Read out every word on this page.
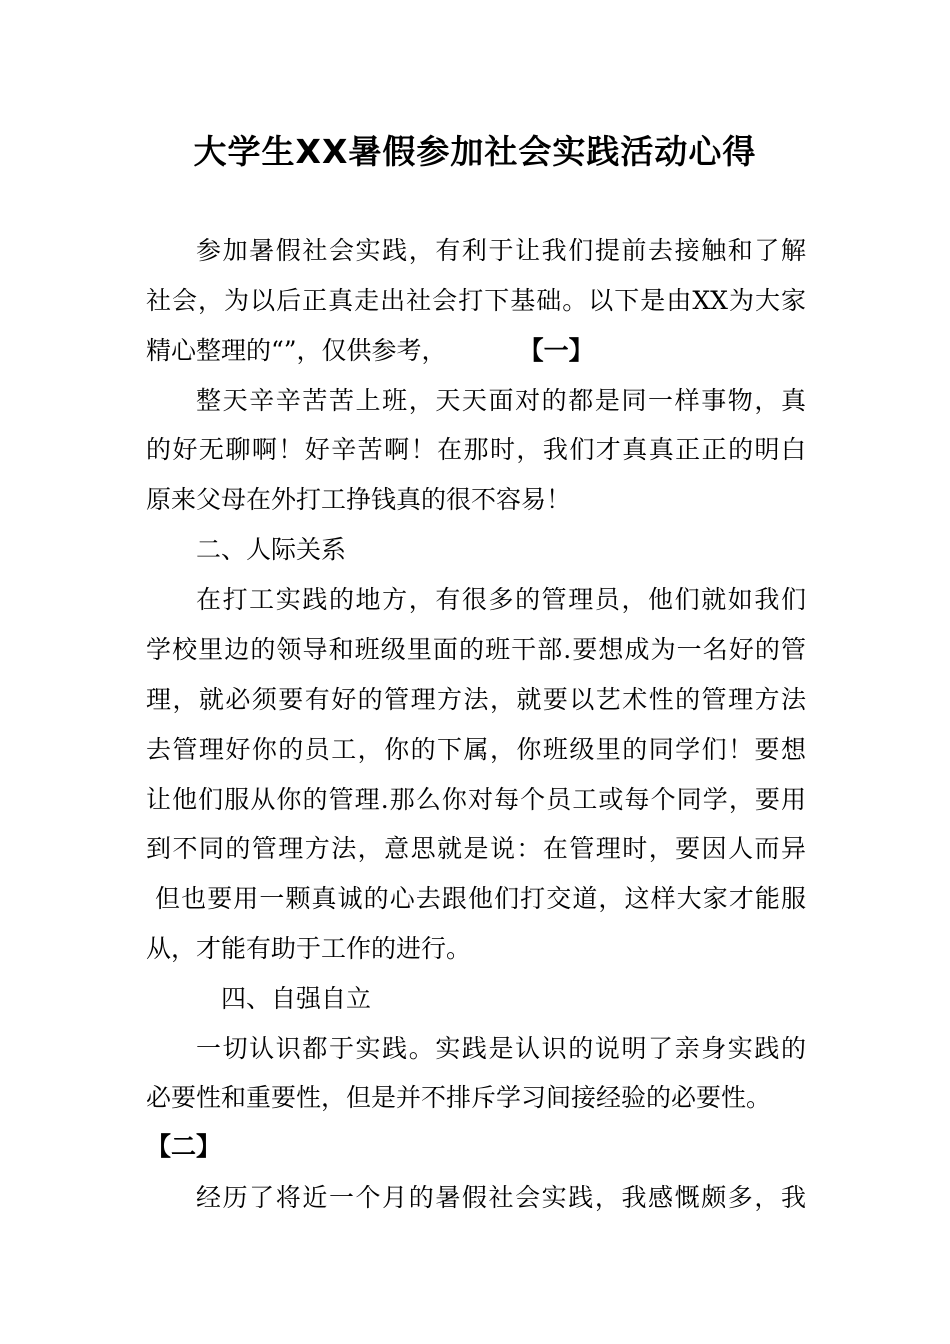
大学生XX暑假参加社会实践活动心得

参加暑假社会实践，有利于让我们提前去接触和了解

社会，为以后正真走出社会打下基础。以下是由XX为大家

精心整理的“”，仅供参考，	【一】

整天辛辛苦苦上班，天天面对的都是同一样事物，真

的好无聊啊！好辛苦啊！在那时，我们才真真正正的明白

原来父母在外打工挣钱真的很不容易！

二、人际关系

在打工实践的地方，有很多的管理员，他们就如我们

学校里边的领导和班级里面的班干部.要想成为一名好的管

理，就必须要有好的管理方法，就要以艺术性的管理方法

去管理好你的员工，你的下属，你班级里的同学们！要想

让他们服从你的管理.那么你对每个员工或每个同学，要用

到不同的管理方法，意思就是说：在管理时，要因人而异

但也要用一颗真诚的心去跟他们打交道，这样大家才能服

从，才能有助于工作的进行。

四、自强自立

一切认识都于实践。实践是认识的说明了亲身实践的

必要性和重要性，但是并不排斥学习间接经验的必要性。

【二】

经历了将近一个月的暑假社会实践，我感慨颇多，我
